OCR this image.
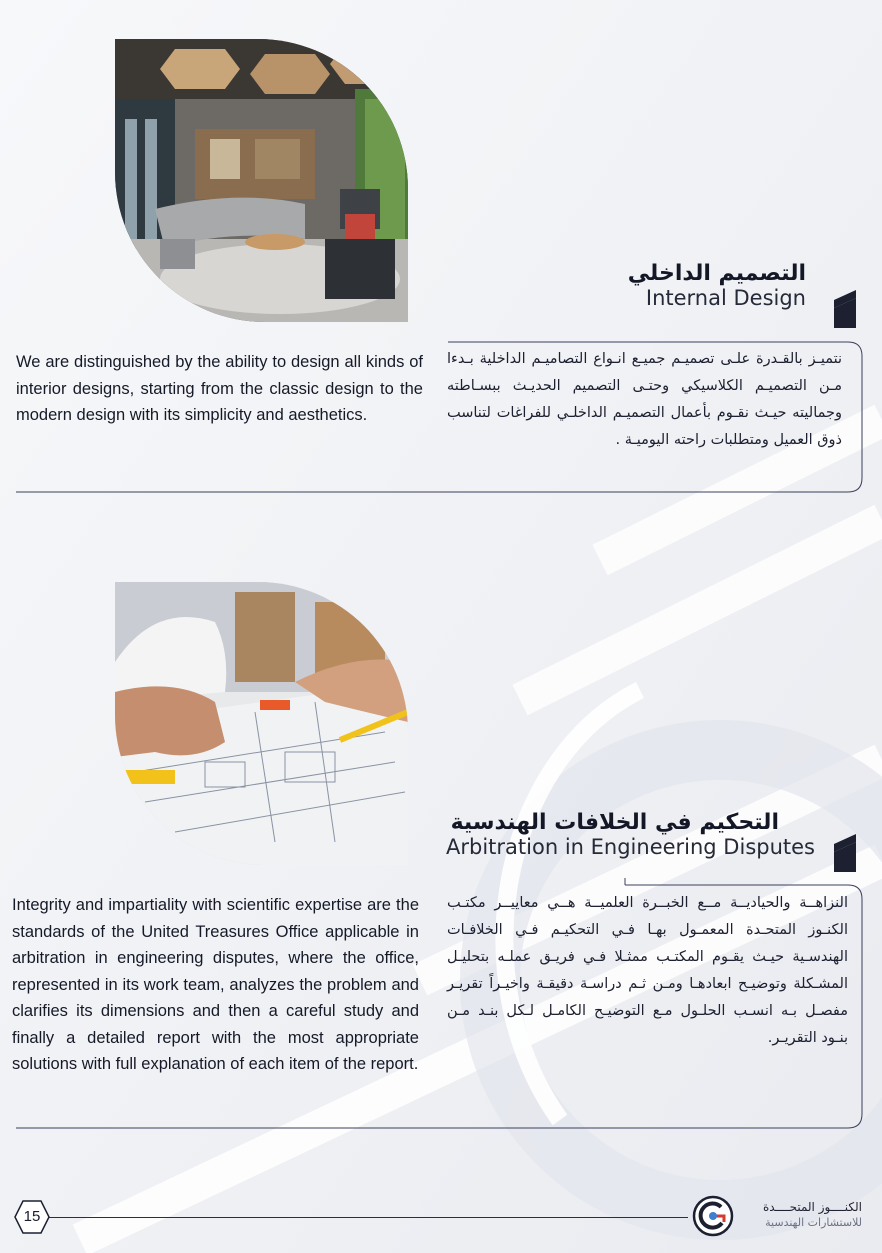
التصميم الداخلي
Internal Design
نتميـز بالقـدرة علـى تصميـم جميـع انـواع التصاميـم الداخلية بـدءا مـن التصميـم الكلاسيكي وحتـى التصميم الحديـث ببسـاطته وجماليته حيـث نقـوم بأعمال التصميـم الداخلـي للفراغات لتناسب ذوق العميل ومتطلبات راحته اليوميـة .
We are distinguished by the ability to design all kinds of interior designs, starting from the classic design to the modern design with its simplicity and aesthetics.
التحكيم في الخلافات الهندسية
Arbitration in Engineering Disputes
النزاهــة والحياديــة مــع الخبــرة العلميــة هــي معاييــر مكتـب الكنـوز المتحـدة المعمـول بهـا فـي التحكيـم فـي الخلافـات الهندسـية حيـث يقـوم المكتـب ممثـلا فـي فريـق عملـه بتحليـل المشـكلة وتوضيـح ابعادهـا ومـن ثـم دراسـة دقيقـة واخيـراً تقريـر مفصـل بـه انسـب الحلـول مـع التوضيـح الكامـل لـكل بنـد مـن بنـود التقريـر.
Integrity and impartiality with scientific expertise are the standards of the United Treasures Office applicable in arbitration in engineering disputes, where the office, represented in its work team, analyzes the problem and clarifies its dimensions and then a careful study and finally a detailed report with the most appropriate solutions with full explanation of each item of the report.
15
الكنــــوز المتحــــدة
للاستشارات الهندسية
